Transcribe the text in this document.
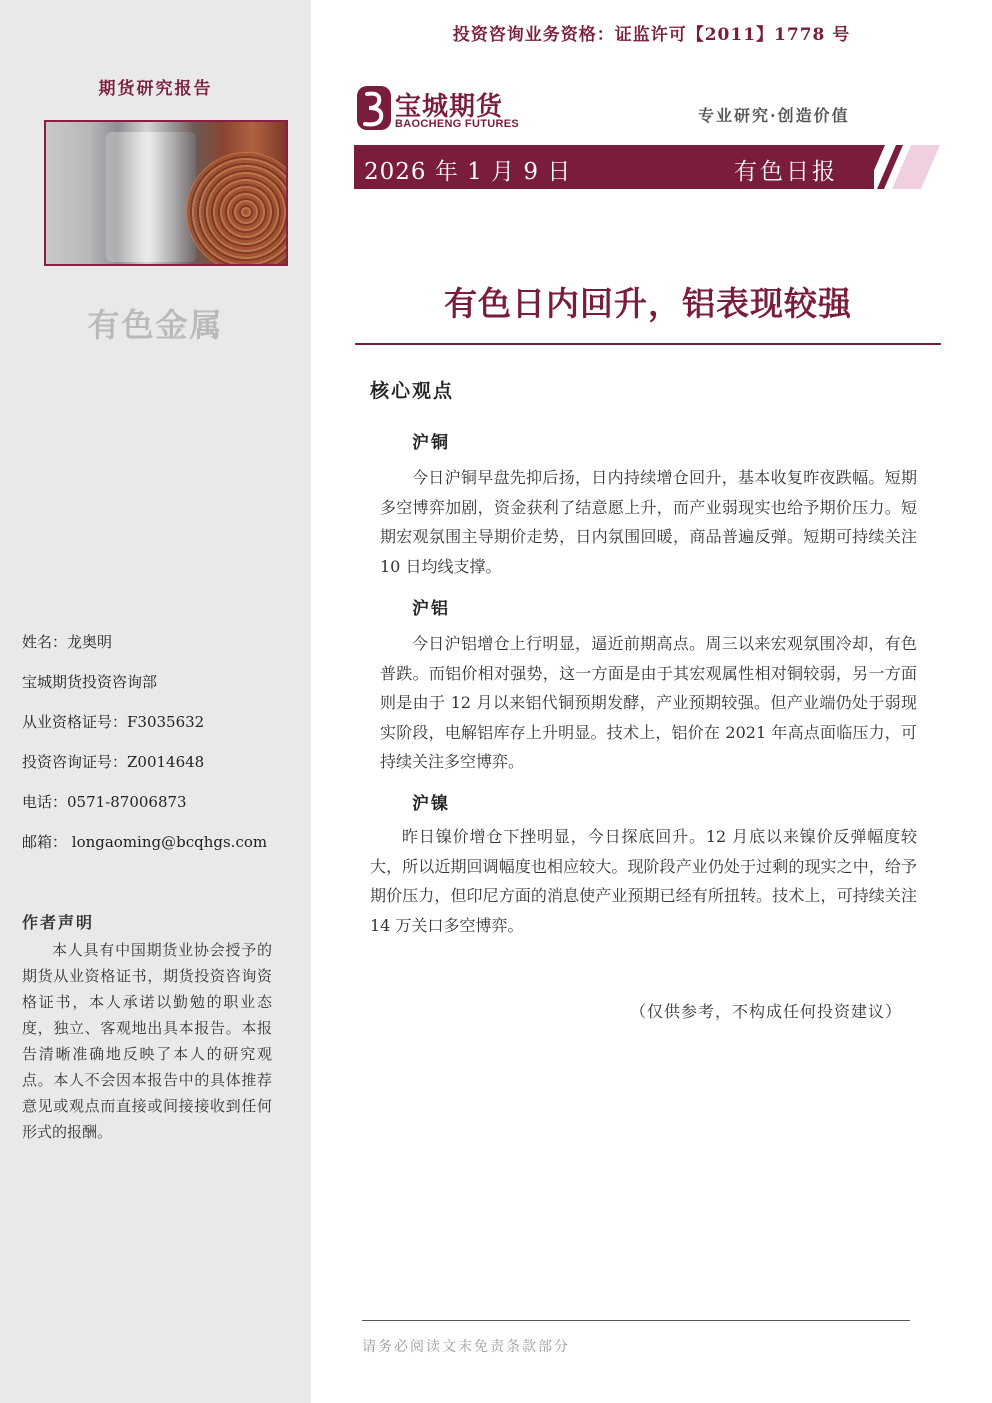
期货研究报告
有色金属
姓名：龙奥明
宝城期货投资咨询部
从业资格证号：F3035632
投资咨询证号：Z0014648
电话：0571-87006873
邮箱： longaoming@bcqhgs.com
作者声明
本人具有中国期货业协会授予的期货从业资格证书，期货投资咨询资格证书，本人承诺以勤勉的职业态度，独立、客观地出具本报告。本报告清晰准确地反映了本人的研究观点。本人不会因本报告中的具体推荐意见或观点而直接或间接接收到任何形式的报酬。
投资咨询业务资格：证监许可【2011】1778 号
宝城期货
BAOCHENG FUTURES	专业研究·创造价值
2026 年 1 月 9 日	有色日报
有色日内回升，铝表现较强
核心观点
沪铜
今日沪铜早盘先抑后扬，日内持续增仓回升，基本收复昨夜跌幅。短期多空博弈加剧，资金获利了结意愿上升，而产业弱现实也给予期价压力。短期宏观氛围主导期价走势，日内氛围回暖，商品普遍反弹。短期可持续关注 10 日均线支撑。
沪铝
今日沪铝增仓上行明显，逼近前期高点。周三以来宏观氛围冷却，有色普跌。而铝价相对强势，这一方面是由于其宏观属性相对铜较弱，另一方面则是由于 12 月以来铝代铜预期发酵，产业预期较强。但产业端仍处于弱现实阶段，电解铝库存上升明显。技术上，铝价在 2021 年高点面临压力，可持续关注多空博弈。
沪镍
昨日镍价增仓下挫明显，今日探底回升。12 月底以来镍价反弹幅度较大，所以近期回调幅度也相应较大。现阶段产业仍处于过剩的现实之中，给予期价压力，但印尼方面的消息使产业预期已经有所扭转。技术上，可持续关注 14 万关口多空博弈。
（仅供参考，不构成任何投资建议）
请务必阅读文末免责条款部分
